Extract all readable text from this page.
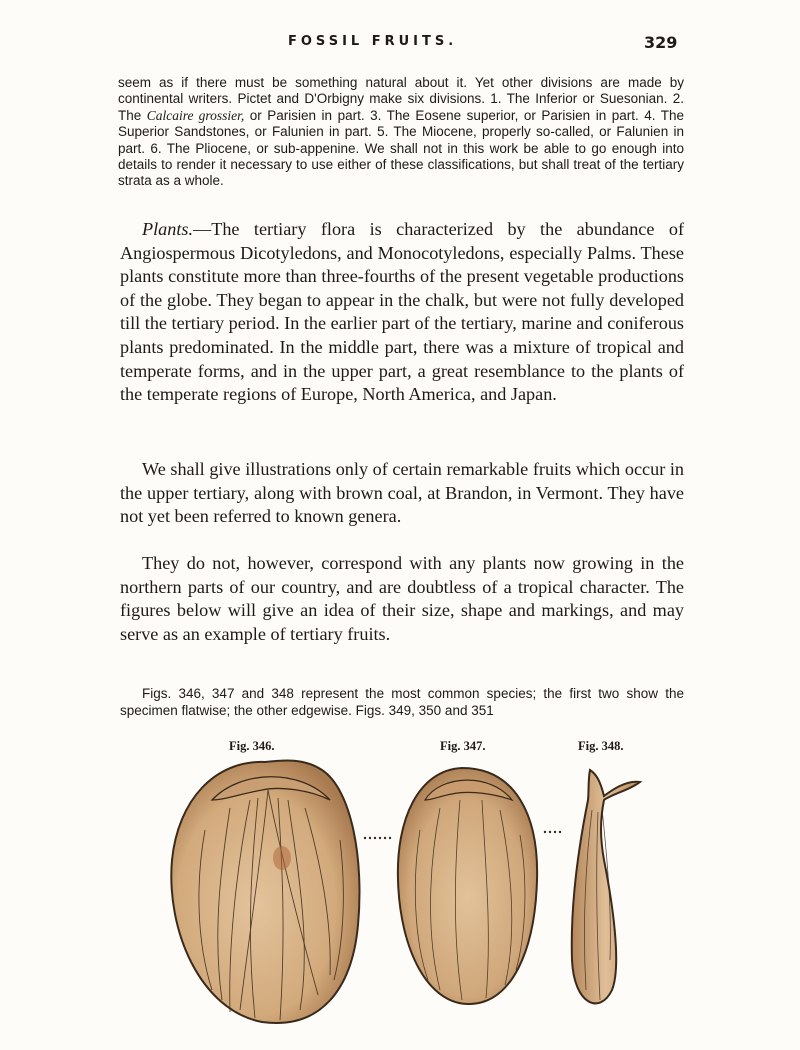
FOSSIL FRUITS.	329

seem as if there must be something natural about it. Yet other divisions are made by continental writers. Pictet and D'Orbigny make six divisions. 1. The Inferior or Suesonian. 2. The Calcaire grossier, or Parisien in part. 3. The Eosene superior, or Parisien in part. 4. The Superior Sandstones, or Falunien in part. 5. The Miocene, properly so-called, or Falunien in part. 6. The Pliocene, or sub-appenine. We shall not in this work be able to go enough into details to render it necessary to use either of these classifications, but shall treat of the tertiary strata as a whole.

Plants.—The tertiary flora is characterized by the abundance of Angiospermous Dicotyledons, and Monocotyledons, especially Palms. These plants constitute more than three-fourths of the present vegetable productions of the globe. They began to appear in the chalk, but were not fully developed till the tertiary period. In the earlier part of the tertiary, marine and coniferous plants predominated. In the middle part, there was a mixture of tropical and temperate forms, and in the upper part, a great resemblance to the plants of the temperate regions of Europe, North America, and Japan.

We shall give illustrations only of certain remarkable fruits which occur in the upper tertiary, along with brown coal, at Brandon, in Vermont. They have not yet been referred to known genera.

They do not, however, correspond with any plants now growing in the northern parts of our country, and are doubtless of a tropical character. The figures below will give an idea of their size, shape and markings, and may serve as an example of tertiary fruits.

Figs. 346, 347 and 348 represent the most common species; the first two show the specimen flatwise; the other edgewise. Figs. 349, 350 and 351

Fig. 346.	Fig. 347.	Fig. 348.
